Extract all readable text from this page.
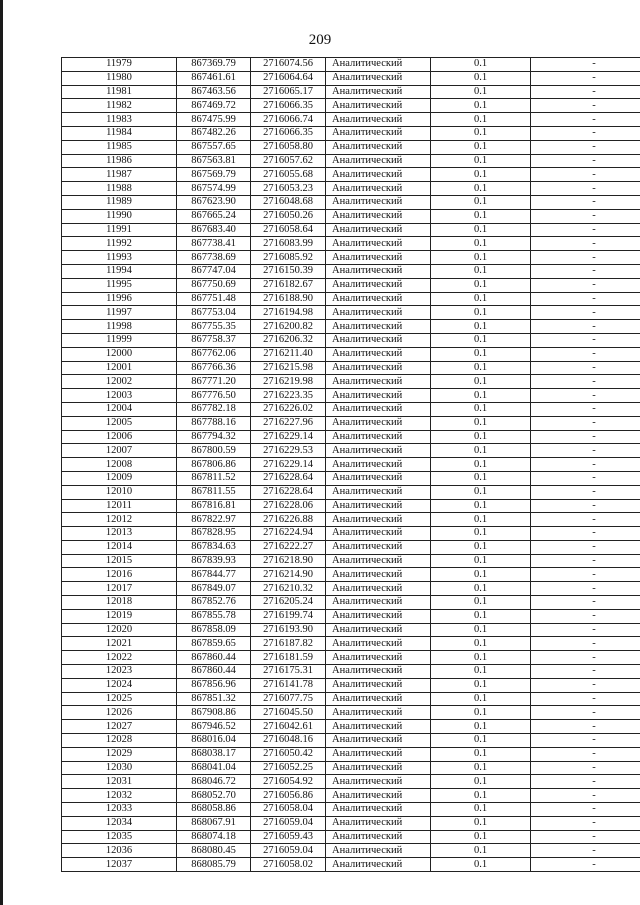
209
11979	867369.79	2716074.56	Аналитический	0.1	-
11980	867461.61	2716064.64	Аналитический	0.1	-
11981	867463.56	2716065.17	Аналитический	0.1	-
11982	867469.72	2716066.35	Аналитический	0.1	-
11983	867475.99	2716066.74	Аналитический	0.1	-
11984	867482.26	2716066.35	Аналитический	0.1	-
11985	867557.65	2716058.80	Аналитический	0.1	-
11986	867563.81	2716057.62	Аналитический	0.1	-
11987	867569.79	2716055.68	Аналитический	0.1	-
11988	867574.99	2716053.23	Аналитический	0.1	-
11989	867623.90	2716048.68	Аналитический	0.1	-
11990	867665.24	2716050.26	Аналитический	0.1	-
11991	867683.40	2716058.64	Аналитический	0.1	-
11992	867738.41	2716083.99	Аналитический	0.1	-
11993	867738.69	2716085.92	Аналитический	0.1	-
11994	867747.04	2716150.39	Аналитический	0.1	-
11995	867750.69	2716182.67	Аналитический	0.1	-
11996	867751.48	2716188.90	Аналитический	0.1	-
11997	867753.04	2716194.98	Аналитический	0.1	-
11998	867755.35	2716200.82	Аналитический	0.1	-
11999	867758.37	2716206.32	Аналитический	0.1	-
12000	867762.06	2716211.40	Аналитический	0.1	-
12001	867766.36	2716215.98	Аналитический	0.1	-
12002	867771.20	2716219.98	Аналитический	0.1	-
12003	867776.50	2716223.35	Аналитический	0.1	-
12004	867782.18	2716226.02	Аналитический	0.1	-
12005	867788.16	2716227.96	Аналитический	0.1	-
12006	867794.32	2716229.14	Аналитический	0.1	-
12007	867800.59	2716229.53	Аналитический	0.1	-
12008	867806.86	2716229.14	Аналитический	0.1	-
12009	867811.52	2716228.64	Аналитический	0.1	-
12010	867811.55	2716228.64	Аналитический	0.1	-
12011	867816.81	2716228.06	Аналитический	0.1	-
12012	867822.97	2716226.88	Аналитический	0.1	-
12013	867828.95	2716224.94	Аналитический	0.1	-
12014	867834.63	2716222.27	Аналитический	0.1	-
12015	867839.93	2716218.90	Аналитический	0.1	-
12016	867844.77	2716214.90	Аналитический	0.1	-
12017	867849.07	2716210.32	Аналитический	0.1	-
12018	867852.76	2716205.24	Аналитический	0.1	-
12019	867855.78	2716199.74	Аналитический	0.1	-
12020	867858.09	2716193.90	Аналитический	0.1	-
12021	867859.65	2716187.82	Аналитический	0.1	-
12022	867860.44	2716181.59	Аналитический	0.1	-
12023	867860.44	2716175.31	Аналитический	0.1	-
12024	867856.96	2716141.78	Аналитический	0.1	-
12025	867851.32	2716077.75	Аналитический	0.1	-
12026	867908.86	2716045.50	Аналитический	0.1	-
12027	867946.52	2716042.61	Аналитический	0.1	-
12028	868016.04	2716048.16	Аналитический	0.1	-
12029	868038.17	2716050.42	Аналитический	0.1	-
12030	868041.04	2716052.25	Аналитический	0.1	-
12031	868046.72	2716054.92	Аналитический	0.1	-
12032	868052.70	2716056.86	Аналитический	0.1	-
12033	868058.86	2716058.04	Аналитический	0.1	-
12034	868067.91	2716059.04	Аналитический	0.1	-
12035	868074.18	2716059.43	Аналитический	0.1	-
12036	868080.45	2716059.04	Аналитический	0.1	-
12037	868085.79	2716058.02	Аналитический	0.1	-
